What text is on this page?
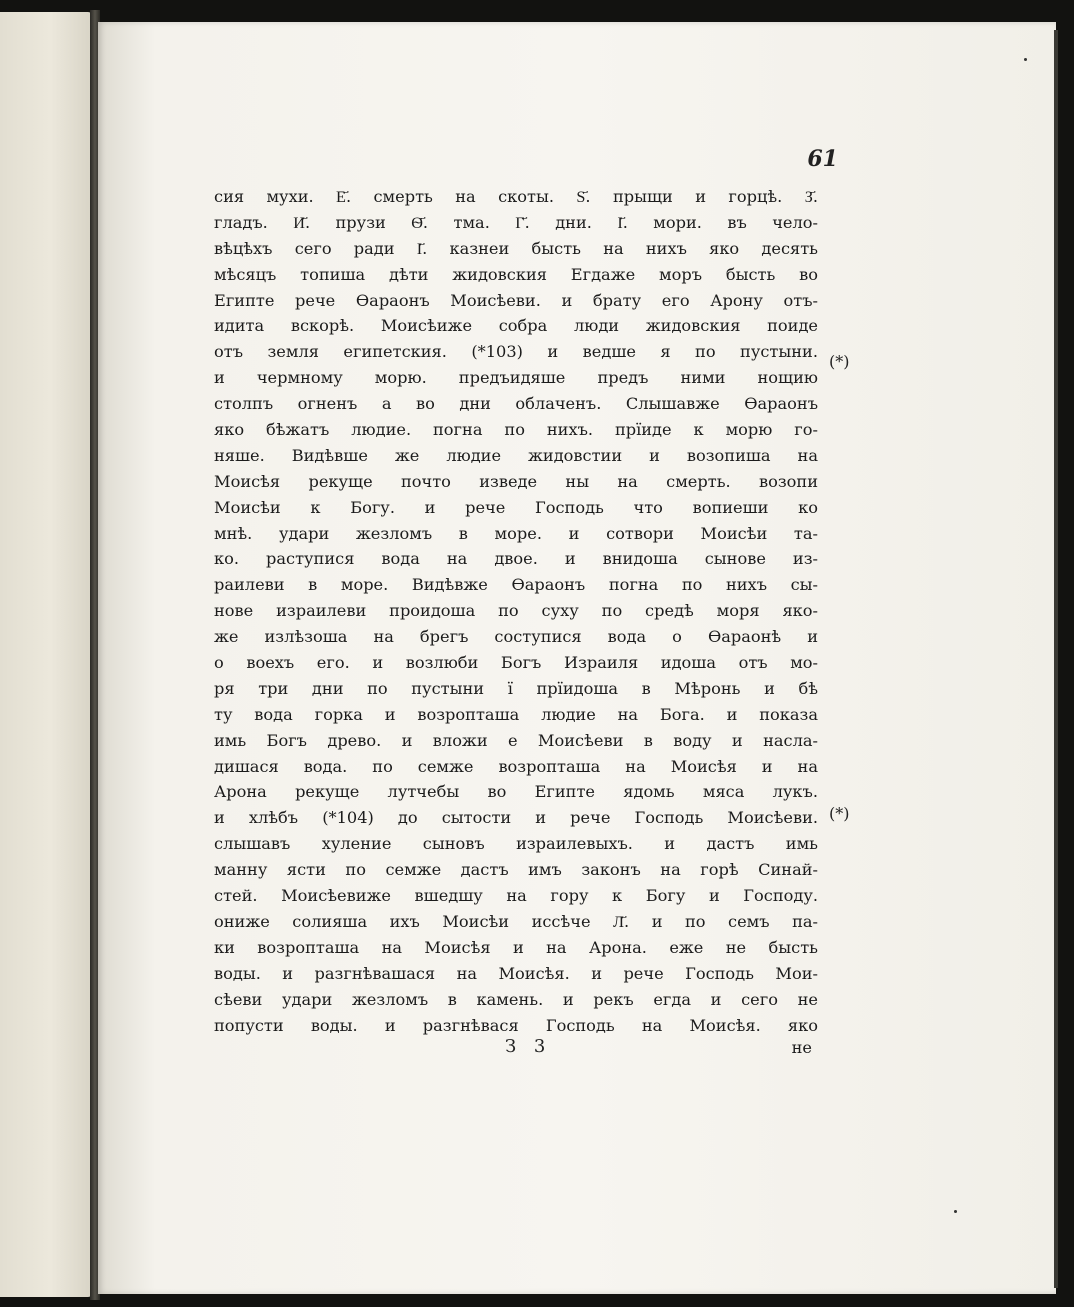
61

сия мухи. Е҃. смерть на скоты. Ѕ҃. прыщи и горцѣ. З҃.
гладъ. И҃. прузи Ѳ҃. тма. Г҃. дни. І҃. мори. въ чело-
вѣцѣхъ сего ради І҃. казнеи бысть на нихъ яко десять
мѣсяцъ топиша дѣти жидовския Егдаже моръ бысть во
Египте рече Ѳараонъ Моисѣеви. и брату его Арону отъ-
идита вскорѣ. Моисѣиже собра люди жидовския поиде
отъ земля египетския. (*103) и ведше я по пустыни.
и чермному морю. предъидяше предъ ними нощию
столпъ огненъ а во дни облаченъ. Слышавже Ѳараонъ
яко бѣжатъ людие. погна по нихъ. прїиде к морю го-
няше. Видѣвше же людие жидовстии и возопиша на
Моисѣя рекуще почто изведе ны на смерть. возопи
Моисѣи к Богу. и рече Господь что вопиеши ко
мнѣ. удари жезломъ в море. и сотвори Моисѣи та-
ко. раступися вода на двое. и внидоша сынове из-
раилеви в море. Видѣвже Ѳараонъ погна по нихъ сы-
нове израилеви проидоша по суху по средѣ моря яко-
же излѣзоша на брегъ соступися вода о Ѳараонѣ и
о воехъ его. и возлюби Богъ Израиля идоша отъ мо-
ря три дни по пустыни ї прїидоша в Мѣронь и бѣ
ту вода горка и возропташа людие на Бога. и показа
имь Богъ древо. и вложи е Моисѣеви в воду и насла-
дишася вода. по семже возропташа на Моисѣя и на
Арона рекуще лутчебы во Египте ядомь мяса лукъ.
и хлѣбъ (*104) до сытости и рече Господь Моисѣеви.
слышавъ хуление сыновъ израилевыхъ. и дастъ имь
манну ясти по семже дастъ имъ законъ на горѣ Синай-
стей. Моисѣевиже вшедшу на гору к Богу и Господу.
ониже солияша ихъ Моисѣи иссѣче Л҃. и по семъ па-
ки возропташа на Моисѣя и на Арона. еже не бысть
воды. и разгнѣвашася на Моисѣя. и рече Господь Мои-
сѣеви удари жезломъ в камень. и рекъ егда и сего не
попусти воды. и разгнѣвася Господь на Моисѣя. яко
(*)
(*)
З 3	не
